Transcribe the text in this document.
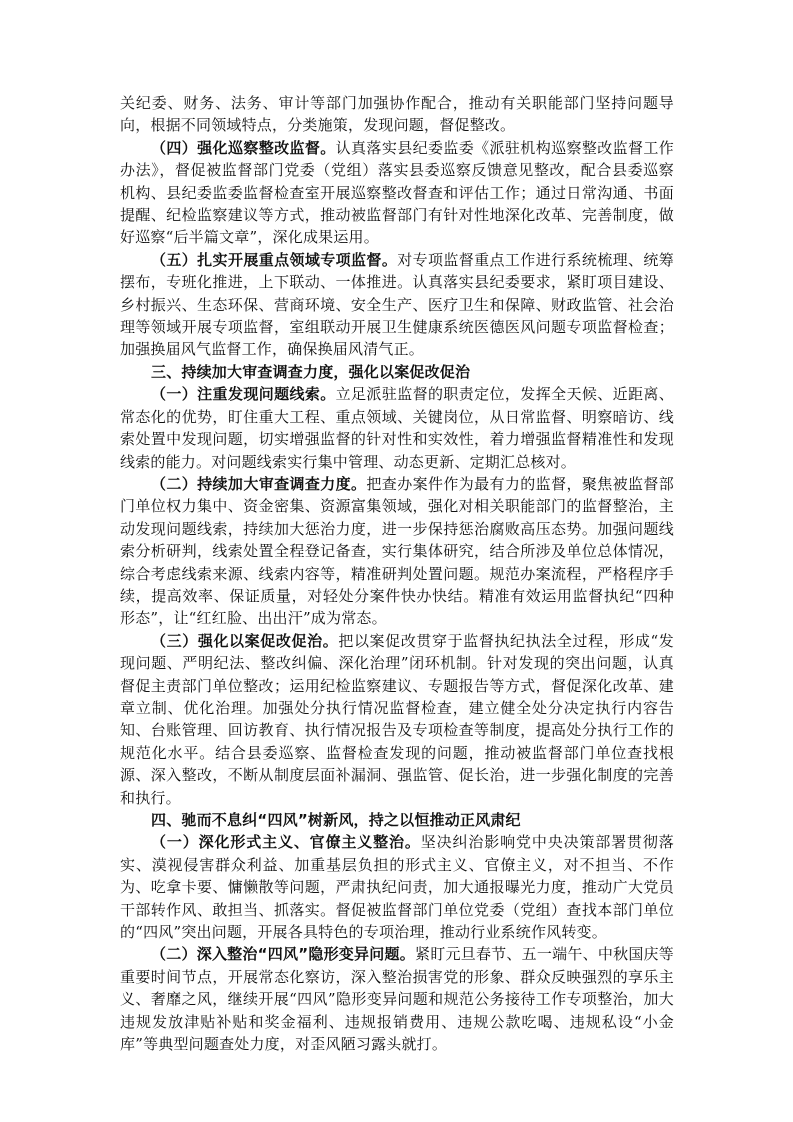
关纪委、财务、法务、审计等部门加强协作配合，推动有关职能部门坚持问题导向，根据不同领域特点，分类施策，发现问题，督促整改。

（四）强化巡察整改监督。认真落实县纪委监委《派驻机构巡察整改监督工作办法》，督促被监督部门党委（党组）落实县委巡察反馈意见整改，配合县委巡察机构、县纪委监委监督检查室开展巡察整改督查和评估工作；通过日常沟通、书面提醒、纪检监察建议等方式，推动被监督部门有针对性地深化改革、完善制度，做好巡察“后半篇文章”，深化成果运用。

（五）扎实开展重点领域专项监督。对专项监督重点工作进行系统梳理、统筹摆布，专班化推进，上下联动、一体推进。认真落实县纪委要求，紧盯项目建设、乡村振兴、生态环保、营商环境、安全生产、医疗卫生和保障、财政监管、社会治理等领域开展专项监督，室组联动开展卫生健康系统医德医风问题专项监督检查；加强换届风气监督工作，确保换届风清气正。

三、持续加大审查调查力度，强化以案促改促治

（一）注重发现问题线索。立足派驻监督的职责定位，发挥全天候、近距离、常态化的优势，盯住重大工程、重点领域、关键岗位，从日常监督、明察暗访、线索处置中发现问题，切实增强监督的针对性和实效性，着力增强监督精准性和发现线索的能力。对问题线索实行集中管理、动态更新、定期汇总核对。

（二）持续加大审查调查力度。把查办案件作为最有力的监督，聚焦被监督部门单位权力集中、资金密集、资源富集领域，强化对相关职能部门的监督整治，主动发现问题线索，持续加大惩治力度，进一步保持惩治腐败高压态势。加强问题线索分析研判，线索处置全程登记备查，实行集体研究，结合所涉及单位总体情况，综合考虑线索来源、线索内容等，精准研判处置问题。规范办案流程，严格程序手续，提高效率、保证质量，对轻处分案件快办快结。精准有效运用监督执纪“四种形态”，让“红红脸、出出汗”成为常态。

（三）强化以案促改促治。把以案促改贯穿于监督执纪执法全过程，形成“发现问题、严明纪法、整改纠偏、深化治理”闭环机制。针对发现的突出问题，认真督促主责部门单位整改；运用纪检监察建议、专题报告等方式，督促深化改革、建章立制、优化治理。加强处分执行情况监督检查，建立健全处分决定执行内容告知、台账管理、回访教育、执行情况报告及专项检查等制度，提高处分执行工作的规范化水平。结合县委巡察、监督检查发现的问题，推动被监督部门单位查找根源、深入整改，不断从制度层面补漏洞、强监管、促长治，进一步强化制度的完善和执行。

四、驰而不息纠“四风”树新风，持之以恒推动正风肃纪

（一）深化形式主义、官僚主义整治。坚决纠治影响党中央决策部署贯彻落实、漠视侵害群众利益、加重基层负担的形式主义、官僚主义，对不担当、不作为、吃拿卡要、慵懒散等问题，严肃执纪问责，加大通报曝光力度，推动广大党员干部转作风、敢担当、抓落实。督促被监督部门单位党委（党组）查找本部门单位的“四风”突出问题，开展各具特色的专项治理，推动行业系统作风转变。

（二）深入整治“四风”隐形变异问题。紧盯元旦春节、五一端午、中秋国庆等重要时间节点，开展常态化察访，深入整治损害党的形象、群众反映强烈的享乐主义、奢靡之风，继续开展“四风”隐形变异问题和规范公务接待工作专项整治，加大违规发放津贴补贴和奖金福利、违规报销费用、违规公款吃喝、违规私设“小金库”等典型问题查处力度，对歪风陋习露头就打。
